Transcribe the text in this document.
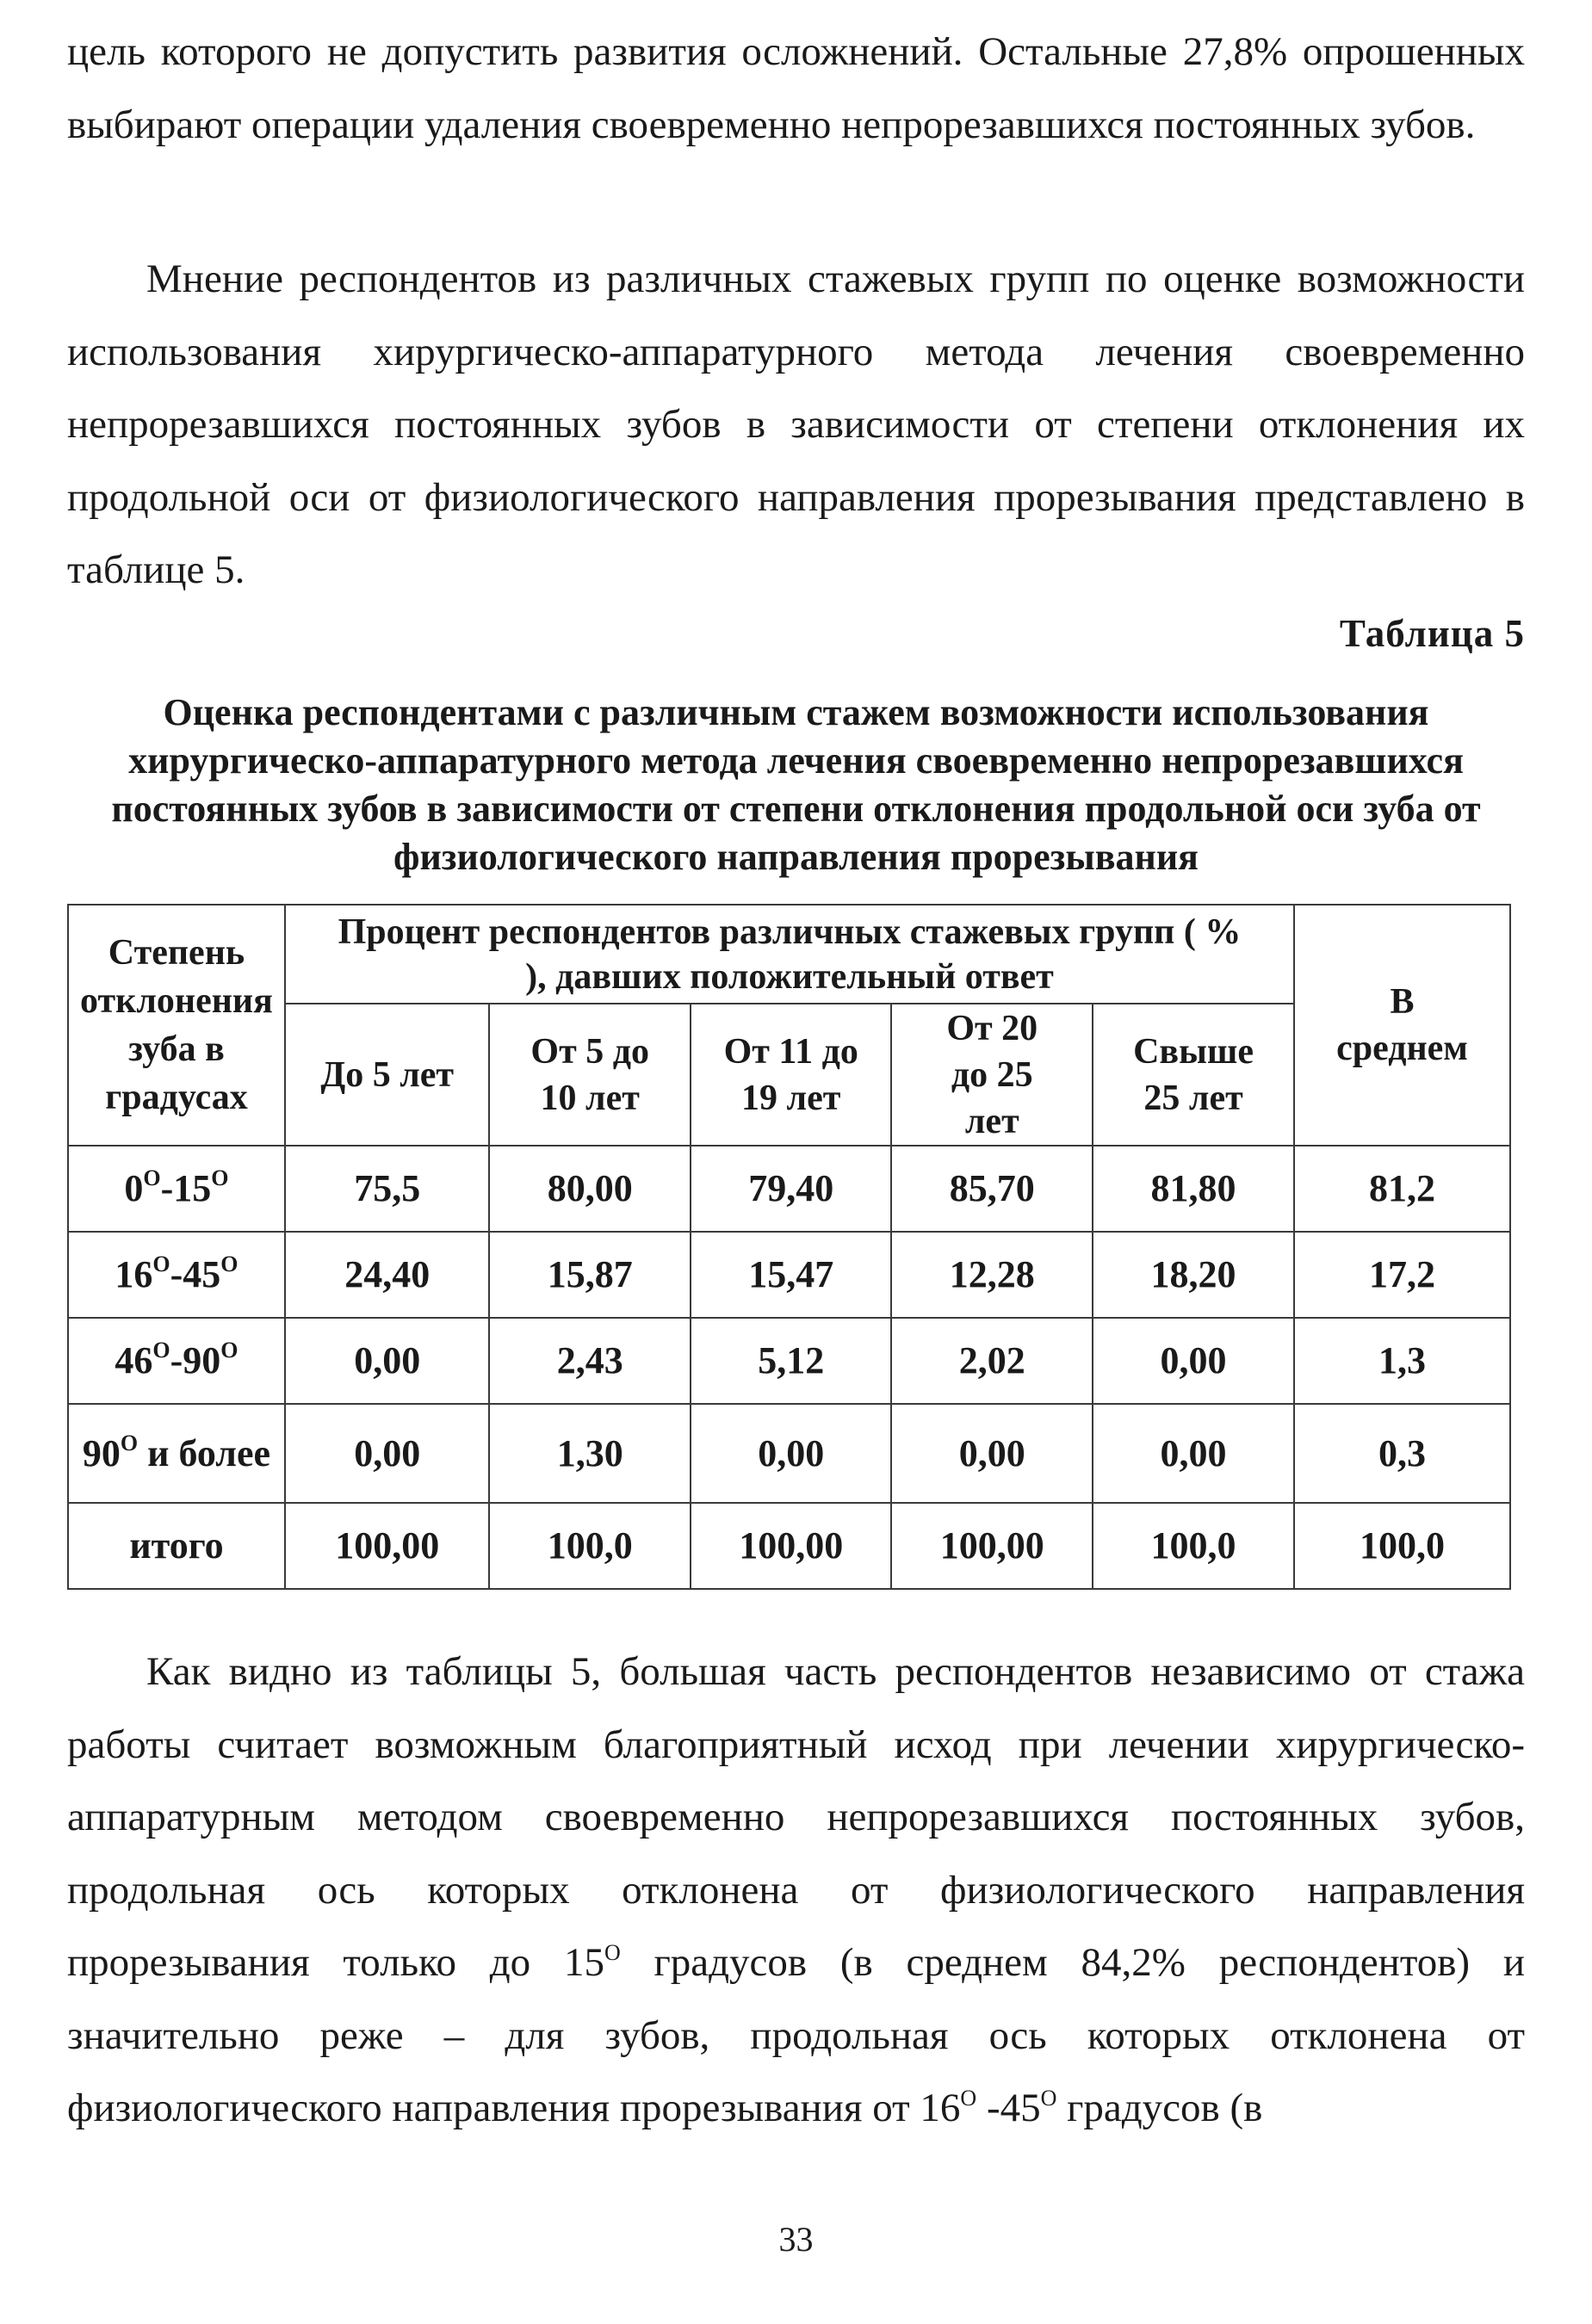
цель которого не допустить развития осложнений. Остальные 27,8% опрошенных выбирают операции удаления своевременно непрорезавшихся постоянных зубов.

Мнение респондентов из различных стажевых групп по оценке возможности использования хирургическо-аппаратурного метода лечения своевременно непрорезавшихся постоянных зубов в зависимости от степени отклонения их продольной оси от физиологического направления прорезывания представлено в таблице 5.

Таблица 5
Оценка респондентами с различным стажем возможности использования хирургическо-аппаратурного метода лечения своевременно непрорезавшихся постоянных зубов в зависимости от степени отклонения продольной оси зуба от физиологического направления прорезывания
Степень отклонения зуба в градусах	Процент респондентов различных стажевых групп ( % ), давших положительный ответ					В среднем
	До 5 лет	От 5 до 10 лет	От 11 до 19 лет	От 20 до 25 лет	Свыше 25 лет	
$0^О-15^О$	75,5	80,00	79,40	85,70	81,80	81,2
$16^О-45^О$	24,40	15,87	15,47	12,28	18,20	17,2
$46^О-90^О$	0,00	2,43	5,12	2,02	0,00	1,3
$90^О$ и более	0,00	1,30	0,00	0,00	0,00	0,3
итого	100,00	100,0	100,00	100,00	100,0	100,0

Как видно из таблицы 5, большая часть респондентов независимо от стажа работы считает возможным благоприятный исход при лечении хирургическо-аппаратурным методом своевременно непрорезавшихся постоянных зубов, продольная ось которых отклонена от физиологического направления прорезывания только до $15^О$ градусов (в среднем 84,2% респондентов) и значительно реже – для зубов, продольная ось которых отклонена от физиологического направления прорезывания от $16^О$ $-45^О$ градусов (в

33
